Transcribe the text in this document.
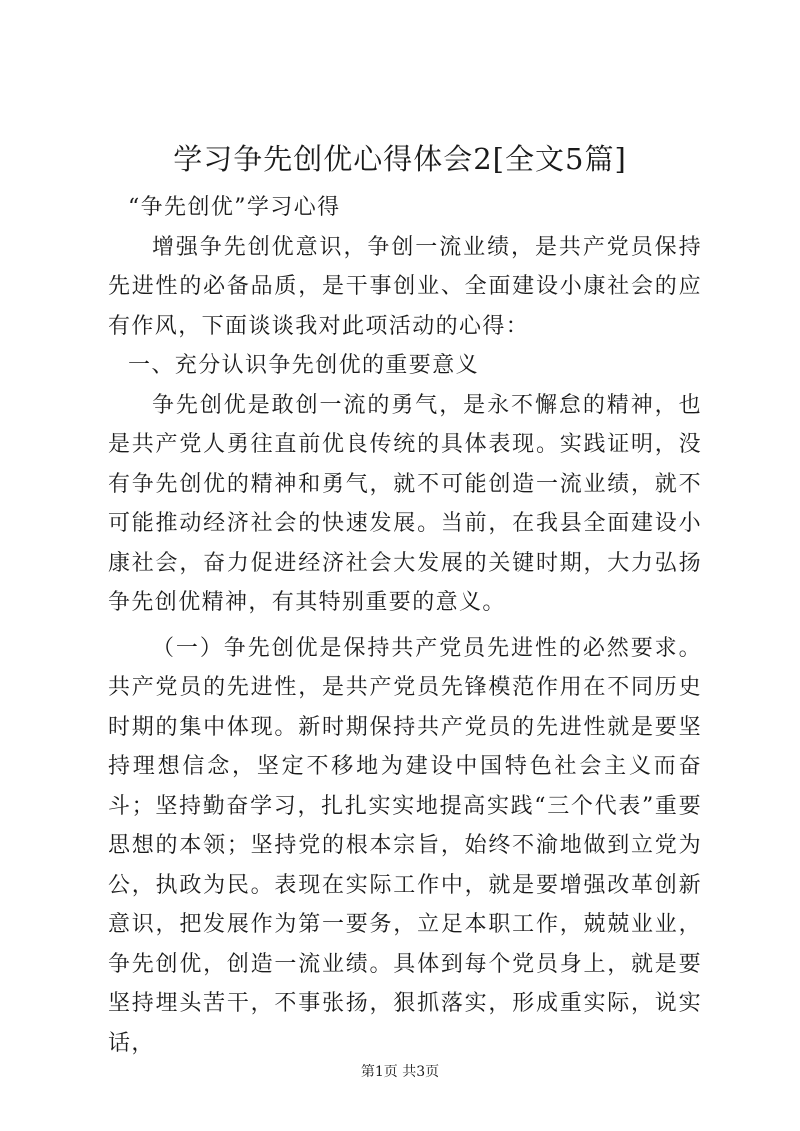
学习争先创优心得体会2[全文5篇]

“争先创优”学习心得

增强争先创优意识，争创一流业绩，是共产党员保持先进性的必备品质，是干事创业、全面建设小康社会的应有作风，下面谈谈我对此项活动的心得：

一、充分认识争先创优的重要意义

争先创优是敢创一流的勇气，是永不懈怠的精神，也是共产党人勇往直前优良传统的具体表现。实践证明，没有争先创优的精神和勇气，就不可能创造一流业绩，就不可能推动经济社会的快速发展。当前，在我县全面建设小康社会，奋力促进经济社会大发展的关键时期，大力弘扬争先创优精神，有其特别重要的意义。

（一）争先创优是保持共产党员先进性的必然要求。共产党员的先进性，是共产党员先锋模范作用在不同历史时期的集中体现。新时期保持共产党员的先进性就是要坚持理想信念，坚定不移地为建设中国特色社会主义而奋斗；坚持勤奋学习，扎扎实实地提高实践“三个代表”重要思想的本领；坚持党的根本宗旨，始终不渝地做到立党为公，执政为民。表现在实际工作中，就是要增强改革创新意识，把发展作为第一要务，立足本职工作，兢兢业业，争先创优，创造一流业绩。具体到每个党员身上，就是要坚持埋头苦干，不事张扬，狠抓落实，形成重实际，说实话，

第1页 共3页
